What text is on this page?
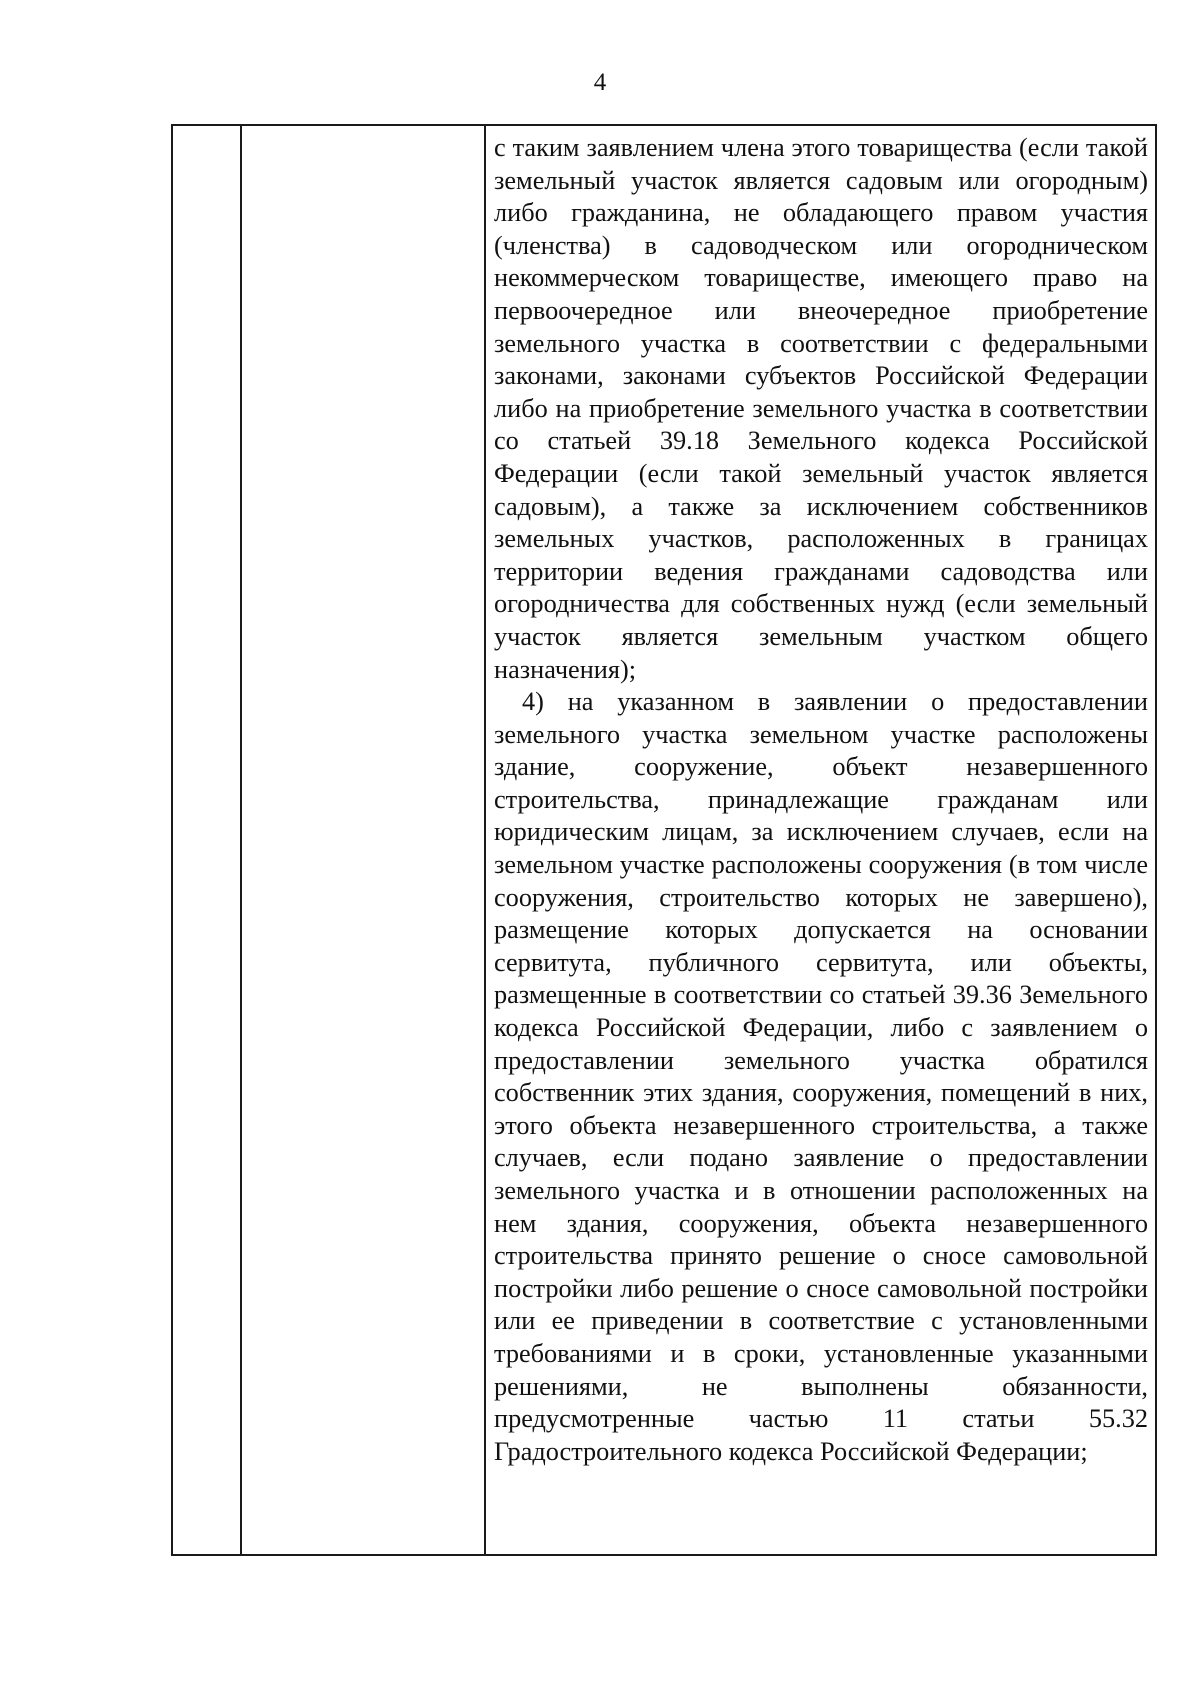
4

с таким заявлением члена этого товарищества (если такой земельный участок является садовым или огородным) либо гражданина, не обладающего правом участия (членства) в садоводческом или огородническом некоммерческом товариществе, имеющего право на первоочередное или внеочередное приобретение земельного участка в соответствии с федеральными законами, законами субъектов Российской Федерации либо на приобретение земельного участка в соответствии со статьей 39.18 Земельного кодекса Российской Федерации (если такой земельный участок является садовым), а также за исключением собственников земельных участков, расположенных в границах территории ведения гражданами садоводства или огородничества для собственных нужд (если земельный участок является земельным участком общего назначения);

4) на указанном в заявлении о предоставлении земельного участка земельном участке расположены здание, сооружение, объект незавершенного строительства, принадлежащие гражданам или юридическим лицам, за исключением случаев, если на земельном участке расположены сооружения (в том числе сооружения, строительство которых не завершено), размещение которых допускается на основании сервитута, публичного сервитута, или объекты, размещенные в соответствии со статьей 39.36 Земельного кодекса Российской Федерации, либо с заявлением о предоставлении земельного участка обратился собственник этих здания, сооружения, помещений в них, этого объекта незавершенного строительства, а также случаев, если подано заявление о предоставлении земельного участка и в отношении расположенных на нем здания, сооружения, объекта незавершенного строительства принято решение о сносе самовольной постройки либо решение о сносе самовольной постройки или ее приведении в соответствие с установленными требованиями и в сроки, установленные указанными решениями,	не выполнены обязанности, предусмотренные частью 11 статьи 55.32 Градостроительного кодекса Российской Федерации;
